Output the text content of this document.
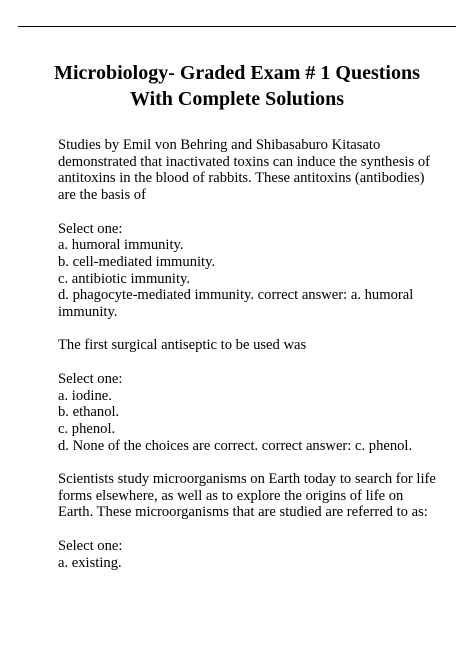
Microbiology- Graded Exam # 1 Questions
With Complete Solutions
Studies by Emil von Behring and Shibasaburo Kitasato
demonstrated that inactivated toxins can induce the synthesis of
antitoxins in the blood of rabbits. These antitoxins (antibodies)
are the basis of
Select one:
a. humoral immunity.
b. cell-mediated immunity.
c. antibiotic immunity.
d. phagocyte-mediated immunity. correct answer: a. humoral
immunity.
The first surgical antiseptic to be used was
Select one:
a. iodine.
b. ethanol.
c. phenol.
d. None of the choices are correct. correct answer: c. phenol.
Scientists study microorganisms on Earth today to search for life
forms elsewhere, as well as to explore the origins of life on
Earth. These microorganisms that are studied are referred to as:
Select one:
a. existing.
